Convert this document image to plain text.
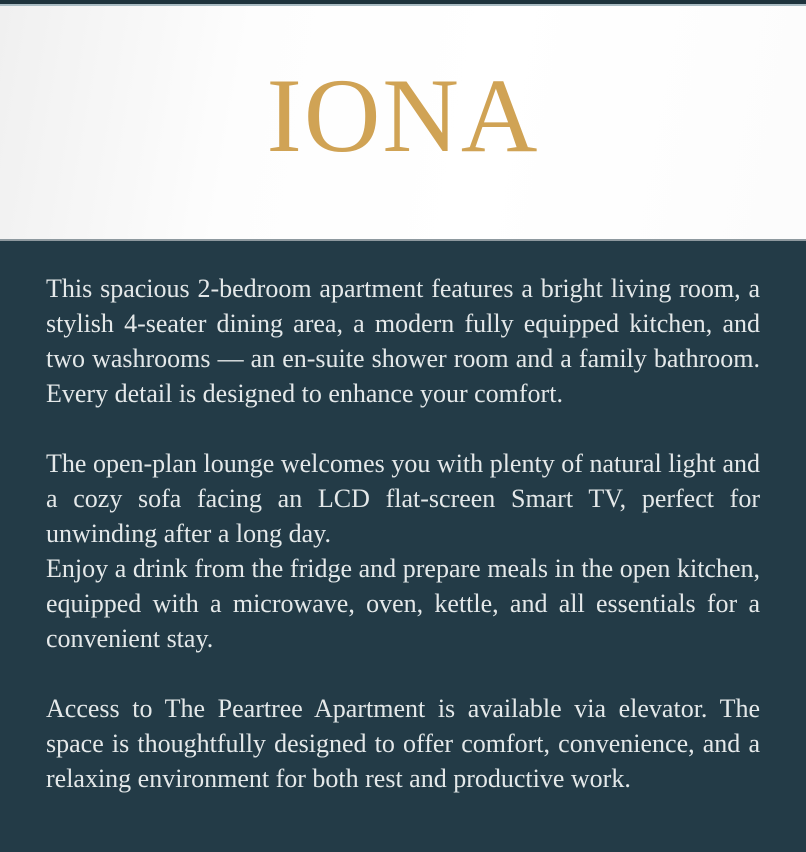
IONA

This spacious 2-bedroom apartment features a bright living room, a stylish 4-seater dining area, a modern fully equipped kitchen, and two washrooms — an en-suite shower room and a family bathroom. Every detail is designed to enhance your comfort.

The open-plan lounge welcomes you with plenty of natural light and a cozy sofa facing an LCD flat-screen Smart TV, perfect for unwinding after a long day.

Enjoy a drink from the fridge and prepare meals in the open kitchen, equipped with a microwave, oven, kettle, and all essentials for a convenient stay.

Access to The Peartree Apartment is available via elevator. The space is thoughtfully designed to offer comfort, convenience, and a relaxing environment for both rest and productive work.
